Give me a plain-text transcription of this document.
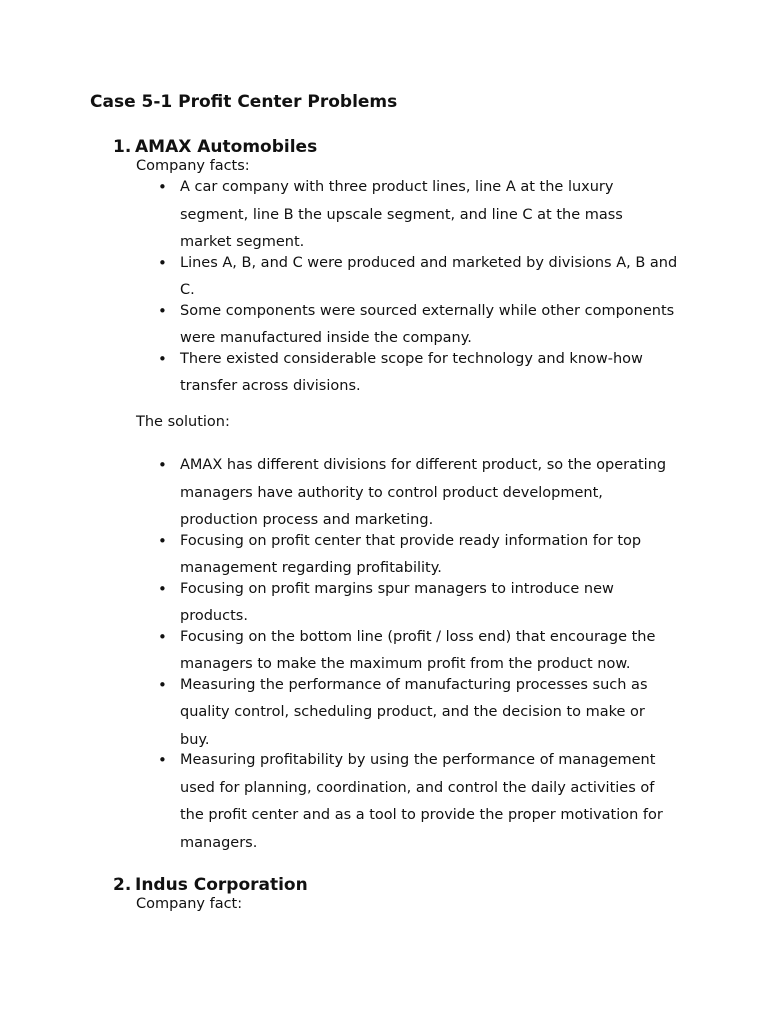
Case 5-1 Profit Center Problems
1. AMAX Automobiles
Company facts:
• A car company with three product lines, line A at the luxury segment, line B the upscale segment, and line C at the mass market segment.
• Lines A, B, and C were produced and marketed by divisions A, B and C.
• Some components were sourced externally while other components were manufactured inside the company.
• There existed considerable scope for technology and know-how transfer across divisions.
The solution:
• AMAX has different divisions for different product, so the operating managers have authority to control product development, production process and marketing.
• Focusing on profit center that provide ready information for top management regarding profitability.
• Focusing on profit margins spur managers to introduce new products.
• Focusing on the bottom line (profit / loss end) that encourage the managers to make the maximum profit from the product now.
• Measuring the performance of manufacturing processes such as quality control, scheduling product, and the decision to make or buy.
• Measuring profitability by using the performance of management used for planning, coordination, and control the daily activities of the profit center and as a tool to provide the proper motivation for managers.
2. Indus Corporation
Company fact:
